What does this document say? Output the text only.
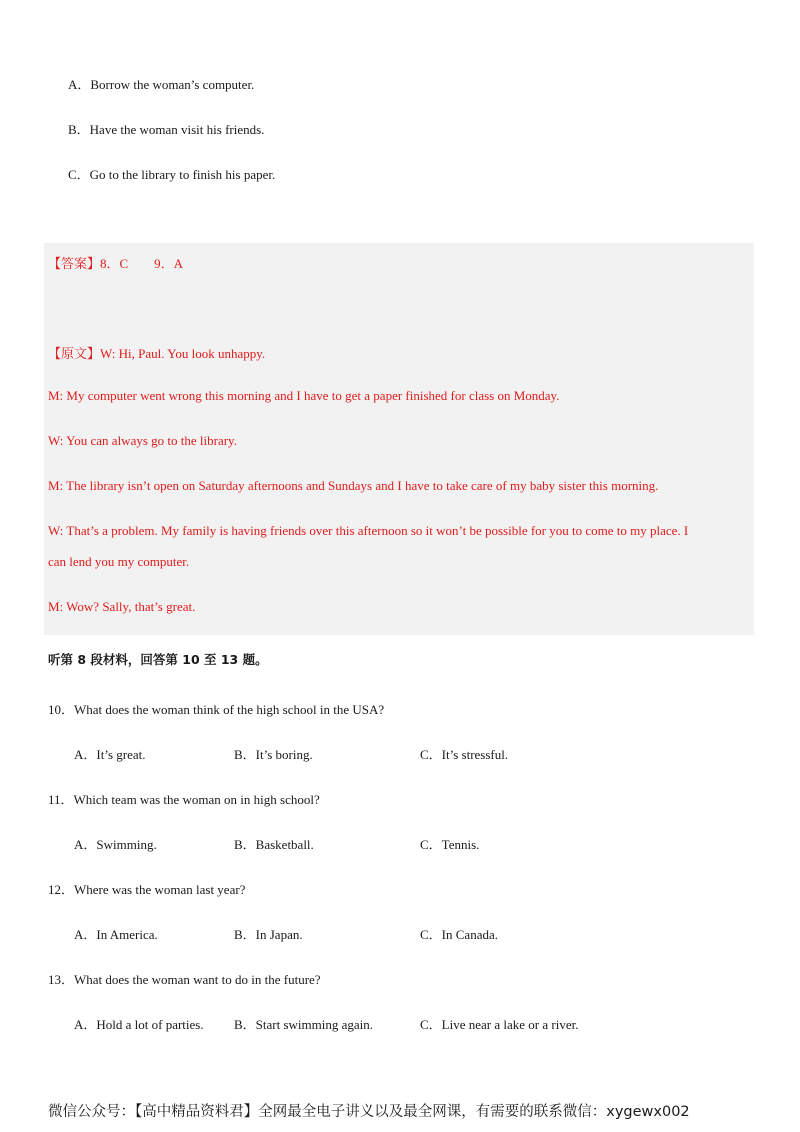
A．Borrow the woman’s computer.
B．Have the woman visit his friends.
C．Go to the library to finish his paper.
【答案】8．C　　9．A
【原文】W: Hi, Paul. You look unhappy.
M: My computer went wrong this morning and I have to get a paper finished for class on Monday.
W: You can always go to the library.
M: The library isn’t open on Saturday afternoons and Sundays and I have to take care of my baby sister this morning.
W: That’s a problem. My family is having friends over this afternoon so it won’t be possible for you to come to my place. I
can lend you my computer.
M: Wow? Sally, that’s great.
听第 8 段材料，回答第 10 至 13 题。
10．What does the woman think of the high school in the USA?
A．It’s great.	B．It’s boring.	C．It’s stressful.
11．Which team was the woman on in high school?
A．Swimming.	B．Basketball.	C．Tennis.
12．Where was the woman last year?
A．In America.	B．In Japan.	C．In Canada.
13．What does the woman want to do in the future?
A．Hold a lot of parties. B．Start swimming again.	C．Live near a lake or a river.
微信公众号：【高中精品资料君】全网最全电子讲义以及最全网课，有需要的联系微信：xygewx002
